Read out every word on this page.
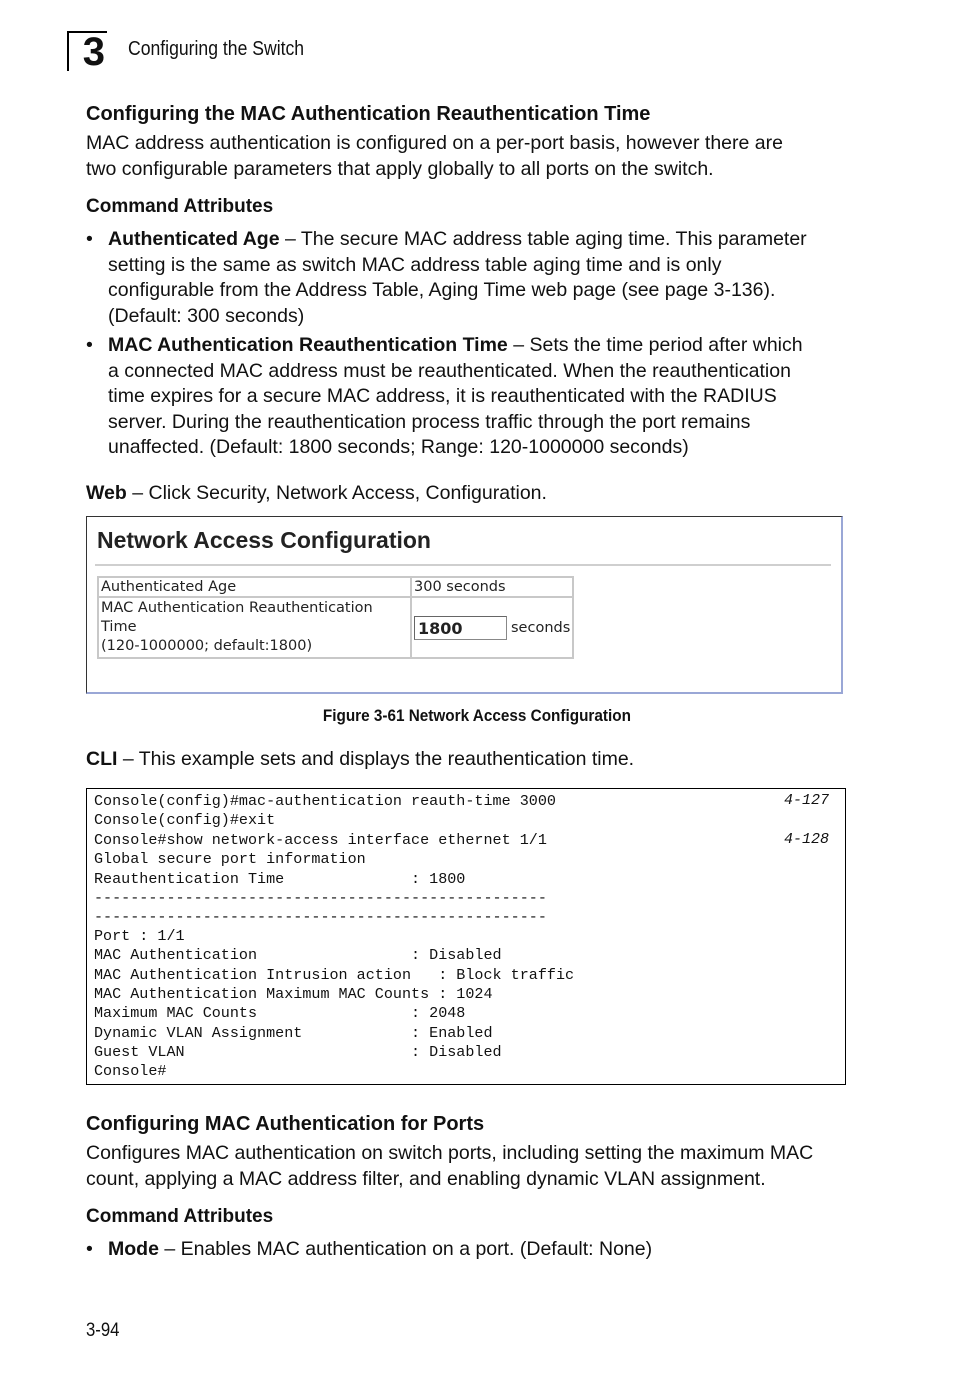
3 Configuring the Switch
Configuring the MAC Authentication Reauthentication Time
MAC address authentication is configured on a per-port basis, however there are
two configurable parameters that apply globally to all ports on the switch.
Command Attributes
• Authenticated Age – The secure MAC address table aging time. This parameter
setting is the same as switch MAC address table aging time and is only
configurable from the Address Table, Aging Time web page (see page 3-136).
(Default: 300 seconds)
• MAC Authentication Reauthentication Time – Sets the time period after which
a connected MAC address must be reauthenticated. When the reauthentication
time expires for a secure MAC address, it is reauthenticated with the RADIUS
server. During the reauthentication process traffic through the port remains
unaffected. (Default: 1800 seconds; Range: 120-1000000 seconds)
Web – Click Security, Network Access, Configuration.
Network Access Configuration
Authenticated Age	300 seconds

MAC Authentication Reauthentication Time
(120-1000000; default:1800)	1800 seconds
Figure 3-61 Network Access Configuration
CLI – This example sets and displays the reauthentication time.
Console(config)#mac-authentication reauth-time 3000	4-127
Console(config)#exit
Console#show network-access interface ethernet 1/1	4-128
Global secure port information
Reauthentication Time              : 1800
--------------------------------------------------
--------------------------------------------------
Port : 1/1
MAC Authentication                 : Disabled
MAC Authentication Intrusion action   : Block traffic
MAC Authentication Maximum MAC Counts : 1024
Maximum MAC Counts                 : 2048
Dynamic VLAN Assignment            : Enabled
Guest VLAN                         : Disabled
Console#
Configuring MAC Authentication for Ports
Configures MAC authentication on switch ports, including setting the maximum MAC
count, applying a MAC address filter, and enabling dynamic VLAN assignment.
Command Attributes
• Mode – Enables MAC authentication on a port. (Default: None)
3-94
